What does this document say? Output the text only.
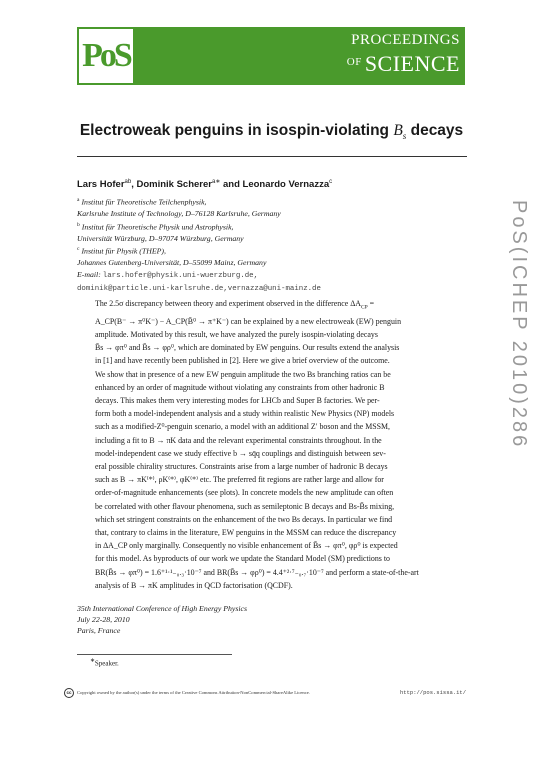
PoS	PROCEEDINGS
$^{OF}$ SCIENCE
Electroweak penguins in isospin-violating $B_s$ decays
Lars Hofer$^{ab}$, Dominik Scherer$^{a∗}$ and Leonardo Vernazza$^c$
$^a$ Institut für Theoretische Teilchenphysik,
Karlsruhe Institute of Technology, D–76128 Karlsruhe, Germany
$^b$ Institut für Theoretische Physik und Astrophysik,
Universität Würzburg, D–97074 Würzburg, Germany
$^c$ Institut für Physik (THEP),
Johannes Gutenberg-Universität, D–55099 Mainz, Germany
E-mail: lars.hofer@physik.uni-wuerzburg.de,
dominik@particle.uni-karlsruhe.de,vernazza@uni-mainz.de

The 2.5σ discrepancy between theory and experiment observed in the difference $\Delta A_{CP}$ =

A_CP(B⁻ → π⁰K⁻) − A_CP(B̄⁰ → π⁺K⁻) can be explained by a new electroweak (EW) penguin

amplitude. Motivated by this result, we have analyzed the purely isospin-violating decays

B̄s → φπ⁰ and B̄s → φρ⁰, which are dominated by EW penguins. Our results extend the analysis

in [1] and have recently been published in [2]. Here we give a brief overview of the outcome.

We show that in presence of a new EW penguin amplitude the two Bs branching ratios can be

enhanced by an order of magnitude without violating any constraints from other hadronic B

decays. This makes them very interesting modes for LHCb and Super B factories. We per-

form both a model-independent analysis and a study within realistic New Physics (NP) models

such as a modified-Z⁰-penguin scenario, a model with an additional Z′ boson and the MSSM,

including a fit to B → πK data and the relevant experimental constraints throughout. In the

model-independent case we study effective b → sq̄q couplings and distinguish between sev-

eral possible chirality structures. Constraints arise from a large number of hadronic B decays

such as B → πK⁽*⁾, ρK⁽*⁾, φK⁽*⁾ etc. The preferred fit regions are rather large and allow for

order-of-magnitude enhancements (see plots). In concrete models the new amplitude can often

be correlated with other flavour phenomena, such as semileptonic B decays and Bs-B̄s mixing,

which set stringent constraints on the enhancement of the two Bs decays. In particular we find

that, contrary to claims in the literature, EW penguins in the MSSM can reduce the discrepancy

in ΔA_CP only marginally. Consequently no visible enhancement of B̄s → φπ⁰, φρ⁰ is expected

for this model. As byproducts of our work we update the Standard Model (SM) predictions to

BR(B̄s → φπ⁰) = 1.6⁺¹·¹₋₀.₃·10⁻⁷ and BR(B̄s → φρ⁰) = 4.4⁺²·⁷₋₀.₇·10⁻⁷ and perform a state-of-the-art

analysis of B → πK amplitudes in QCD factorisation (QCDF).

35th International Conference of High Energy Physics
July 22-28, 2010
Paris, France
∗Speaker.
cc	Copyright owned by the author(s) under the terms of the Creative Commons Attribution-NonCommercial-ShareAlike Licence.	http://pos.sissa.it/
PoS(ICHEP 2010)286
